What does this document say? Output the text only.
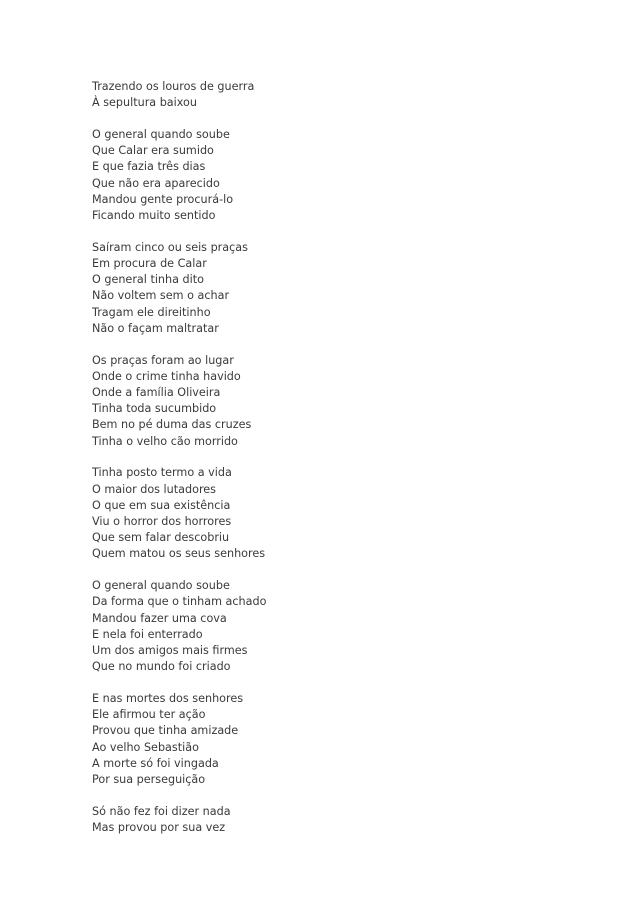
Trazendo os louros de guerra
À sepultura baixou
O general quando soube
Que Calar era sumido
E que fazia três dias
Que não era aparecido
Mandou gente procurá-lo
Ficando muito sentido
Saíram cinco ou seis praças
Em procura de Calar
O general tinha dito
Não voltem sem o achar
Tragam ele direitinho
Não o façam maltratar
Os praças foram ao lugar
Onde o crime tinha havido
Onde a família Oliveira
Tinha toda sucumbido
Bem no pé duma das cruzes
Tinha o velho cão morrido
Tinha posto termo a vida
O maior dos lutadores
O que em sua existência
Viu o horror dos horrores
Que sem falar descobriu
Quem matou os seus senhores
O general quando soube
Da forma que o tinham achado
Mandou fazer uma cova
E nela foi enterrado
Um dos amigos mais firmes
Que no mundo foi criado
E nas mortes dos senhores
Ele afirmou ter ação
Provou que tinha amizade
Ao velho Sebastião
A morte só foi vingada
Por sua perseguição
Só não fez foi dizer nada
Mas provou por sua vez
